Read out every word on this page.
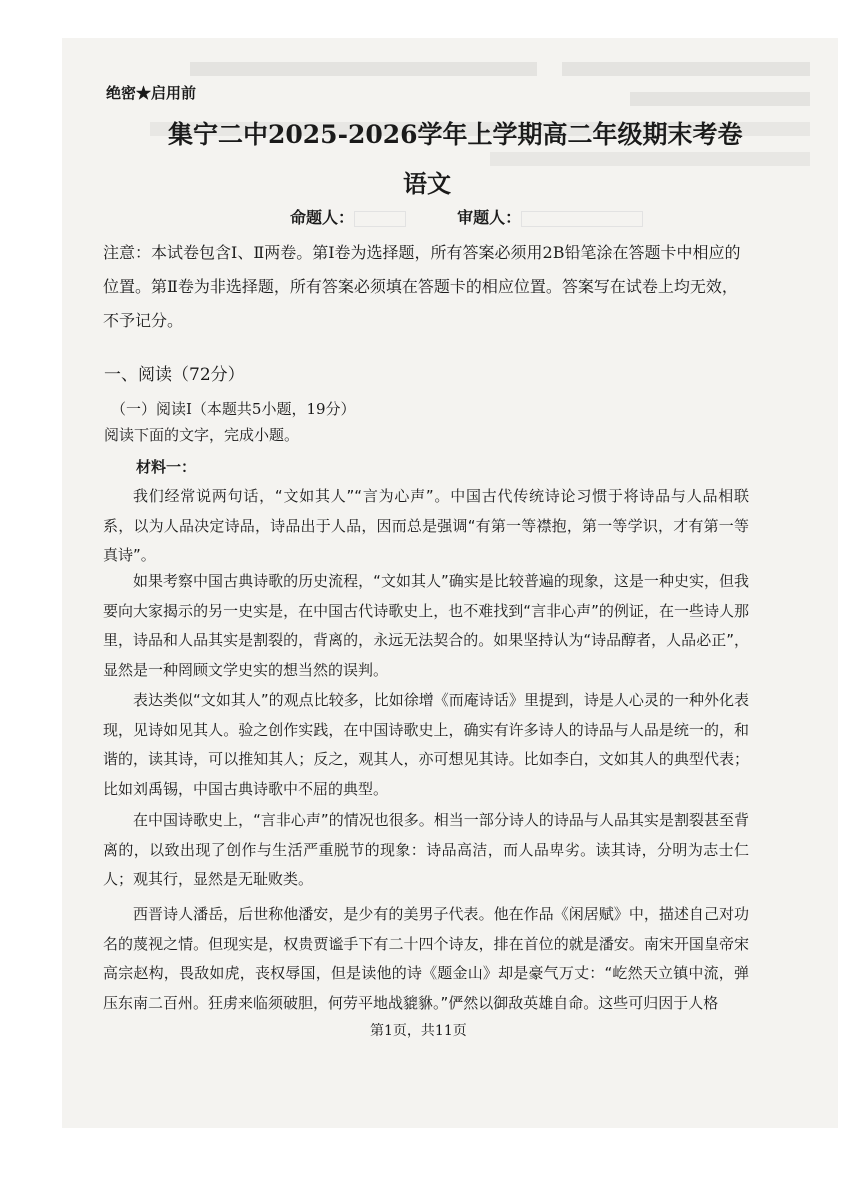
绝密★启用前
集宁二中2025-2026学年上学期高二年级期末考卷
语文
命题人：	审题人：
注意：本试卷包含Ⅰ、Ⅱ两卷。第Ⅰ卷为选择题，所有答案必须用2B铅笔涂在答题卡中相应的位置。第Ⅱ卷为非选择题，所有答案必须填在答题卡的相应位置。答案写在试卷上均无效，不予记分。
一、阅读（72分）
（一）阅读Ⅰ（本题共5小题，19分）
阅读下面的文字，完成小题。
材料一：
我们经常说两句话，“文如其人”“言为心声”。中国古代传统诗论习惯于将诗品与人品相联系，以为人品决定诗品，诗品出于人品，因而总是强调“有第一等襟抱，第一等学识，才有第一等真诗”。
如果考察中国古典诗歌的历史流程，“文如其人”确实是比较普遍的现象，这是一种史实，但我要向大家揭示的另一史实是，在中国古代诗歌史上，也不难找到“言非心声”的例证，在一些诗人那里，诗品和人品其实是割裂的，背离的，永远无法契合的。如果坚持认为“诗品醇者，人品必正”，显然是一种罔顾文学史实的想当然的误判。
表达类似“文如其人”的观点比较多，比如徐增《而庵诗话》里提到，诗是人心灵的一种外化表现，见诗如见其人。验之创作实践，在中国诗歌史上，确实有许多诗人的诗品与人品是统一的，和谐的，读其诗，可以推知其人；反之，观其人，亦可想见其诗。比如李白，文如其人的典型代表；比如刘禹锡，中国古典诗歌中不屈的典型。
在中国诗歌史上，“言非心声”的情况也很多。相当一部分诗人的诗品与人品其实是割裂甚至背离的，以致出现了创作与生活严重脱节的现象：诗品高洁，而人品卑劣。读其诗，分明为志士仁人；观其行，显然是无耻败类。
西晋诗人潘岳，后世称他潘安，是少有的美男子代表。他在作品《闲居赋》中，描述自己对功名的蔑视之情。但现实是，权贵贾谧手下有二十四个诗友，排在首位的就是潘安。南宋开国皇帝宋高宗赵构，畏敌如虎，丧权辱国，但是读他的诗《题金山》却是豪气万丈：“屹然天立镇中流，弹压东南二百州。狂虏来临须破胆，何劳平地战貔貅。”俨然以御敌英雄自命。这些可归因于人格
第1页，共11页
